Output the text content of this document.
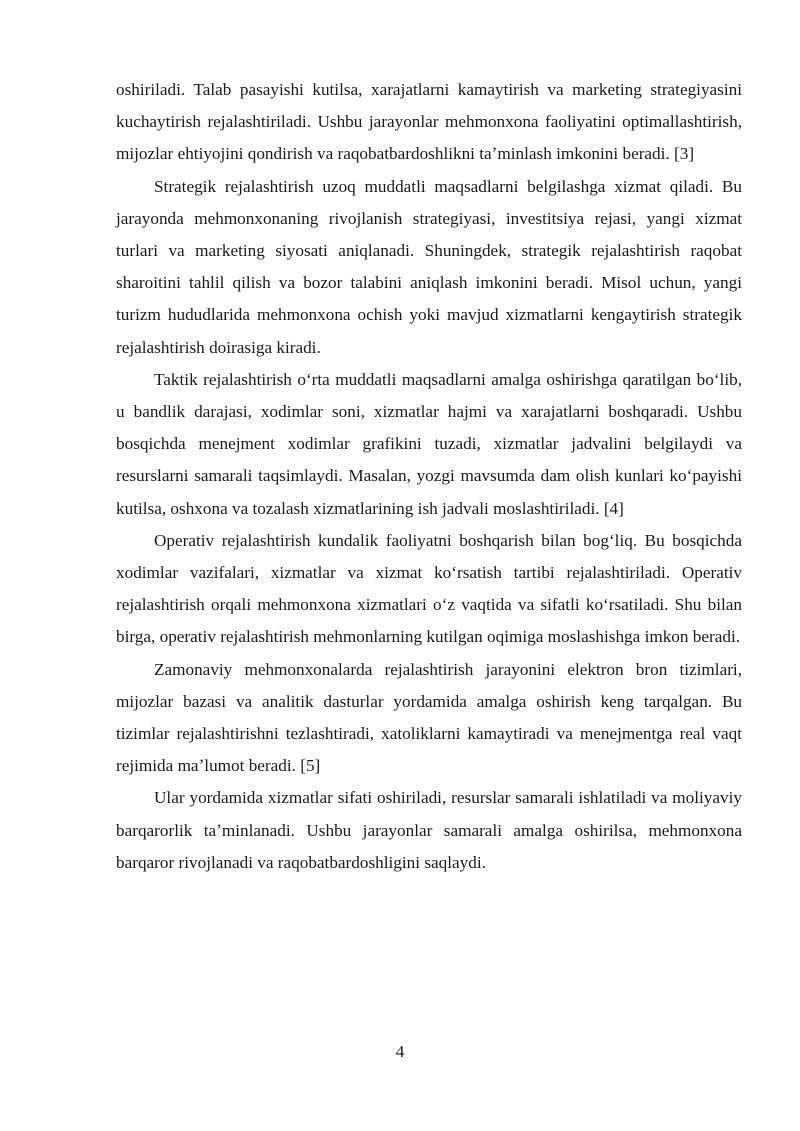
oshiriladi. Talab pasayishi kutilsa, xarajatlarni kamaytirish va marketing strategiyasini kuchaytirish rejalashtiriladi. Ushbu jarayonlar mehmonxona faoliyatini optimallashtirish, mijozlar ehtiyojini qondirish va raqobatbardoshlikni taʼminlash imkonini beradi. [3]

Strategik rejalashtirish uzoq muddatli maqsadlarni belgilashga xizmat qiladi. Bu jarayonda mehmonxonaning rivojlanish strategiyasi, investitsiya rejasi, yangi xizmat turlari va marketing siyosati aniqlanadi. Shuningdek, strategik rejalashtirish raqobat sharoitini tahlil qilish va bozor talabini aniqlash imkonini beradi. Misol uchun, yangi turizm hududlarida mehmonxona ochish yoki mavjud xizmatlarni kengaytirish strategik rejalashtirish doirasiga kiradi.

Taktik rejalashtirish oʻrta muddatli maqsadlarni amalga oshirishga qaratilgan boʻlib, u bandlik darajasi, xodimlar soni, xizmatlar hajmi va xarajatlarni boshqaradi. Ushbu bosqichda menejment xodimlar grafikini tuzadi, xizmatlar jadvalini belgilaydi va resurslarni samarali taqsimlaydi. Masalan, yozgi mavsumda dam olish kunlari koʻpayishi kutilsa, oshxona va tozalash xizmatlarining ish jadvali moslashtiriladi. [4]

Operativ rejalashtirish kundalik faoliyatni boshqarish bilan bogʻliq. Bu bosqichda xodimlar vazifalari, xizmatlar va xizmat koʻrsatish tartibi rejalashtiriladi. Operativ rejalashtirish orqali mehmonxona xizmatlari oʻz vaqtida va sifatli koʻrsatiladi. Shu bilan birga, operativ rejalashtirish mehmonlarning kutilgan oqimiga moslashishga imkon beradi.

Zamonaviy mehmonxonalarda rejalashtirish jarayonini elektron bron tizimlari, mijozlar bazasi va analitik dasturlar yordamida amalga oshirish keng tarqalgan. Bu tizimlar rejalashtirishni tezlashtiradi, xatoliklarni kamaytiradi va menejmentga real vaqt rejimida maʼlumot beradi. [5]

Ular yordamida xizmatlar sifati oshiriladi, resurslar samarali ishlatiladi va moliyaviy barqarorlik taʼminlanadi. Ushbu jarayonlar samarali amalga oshirilsa, mehmonxona barqaror rivojlanadi va raqobatbardoshligini saqlaydi.

4
